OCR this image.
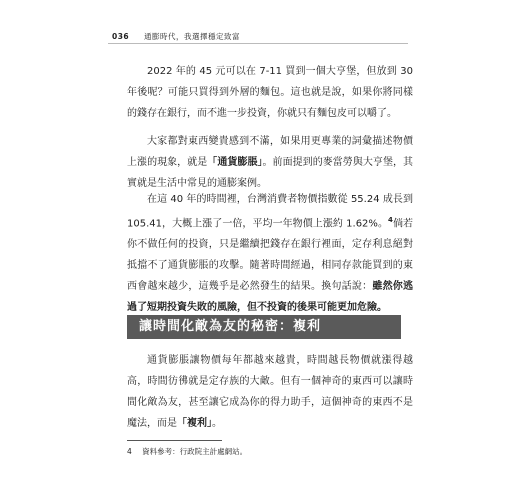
036 通膨時代，我選擇穩定致富

2022 年的 45 元可以在 7-11 買到一個大亨堡，但放到 30 年後呢？可能只買得到外層的麵包。這也就是說，如果你將同樣的錢存在銀行，而不進一步投資，你就只有麵包皮可以嚼了。

大家都對東西變貴感到不滿，如果用更專業的詞彙描述物價上漲的現象，就是「通貨膨脹」。前面提到的麥當勞與大亨堡，其實就是生活中常見的通膨案例。

在這 40 年的時間裡，台灣消費者物價指數從 55.24 成長到 105.41，大概上漲了一倍，平均一年物價上漲約 1.62%。$^4$倘若你不做任何的投資，只是繼續把錢存在銀行裡面，定存利息絕對抵擋不了通貨膨脹的攻擊。隨著時間經過，相同存款能買到的東西會越來越少，這幾乎是必然發生的結果。換句話說：雖然你逃過了短期投資失敗的風險，但不投資的後果可能更加危險。

讓時間化敵為友的秘密：複利

通貨膨脹讓物價每年都越來越貴，時間越長物價就漲得越高，時間彷彿就是定存族的大敵。但有一個神奇的東西可以讓時間化敵為友，甚至讓它成為你的得力助手，這個神奇的東西不是魔法，而是「複利」。

4 資料參考：行政院主計處網站。
